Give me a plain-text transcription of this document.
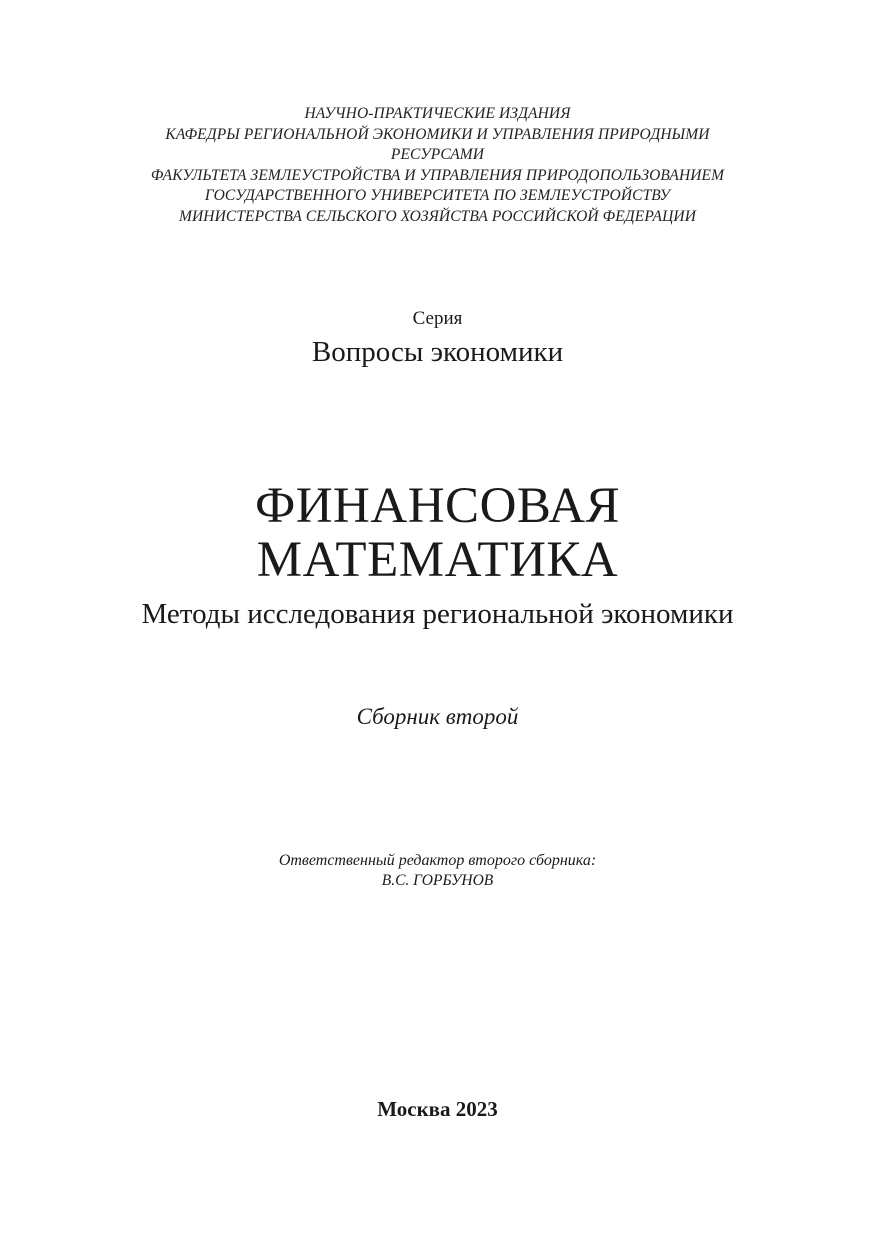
НАУЧНО-ПРАКТИЧЕСКИЕ ИЗДАНИЯ
КАФЕДРЫ РЕГИОНАЛЬНОЙ ЭКОНОМИКИ И УПРАВЛЕНИЯ ПРИРОДНЫМИ
РЕСУРСАМИ
ФАКУЛЬТЕТА ЗЕМЛЕУСТРОЙСТВА И УПРАВЛЕНИЯ ПРИРОДОПОЛЬЗОВАНИЕМ
ГОСУДАРСТВЕННОГО УНИВЕРСИТЕТА ПО ЗЕМЛЕУСТРОЙСТВУ
МИНИСТЕРСТВА СЕЛЬСКОГО ХОЗЯЙСТВА РОССИЙСКОЙ ФЕДЕРАЦИИ
Серия
Вопросы экономики
ФИНАНСОВАЯ
МАТЕМАТИКА
Методы исследования региональной экономики
Сборник второй
Ответственный редактор второго сборника:
В.С. ГОРБУНОВ
Москва 2023
